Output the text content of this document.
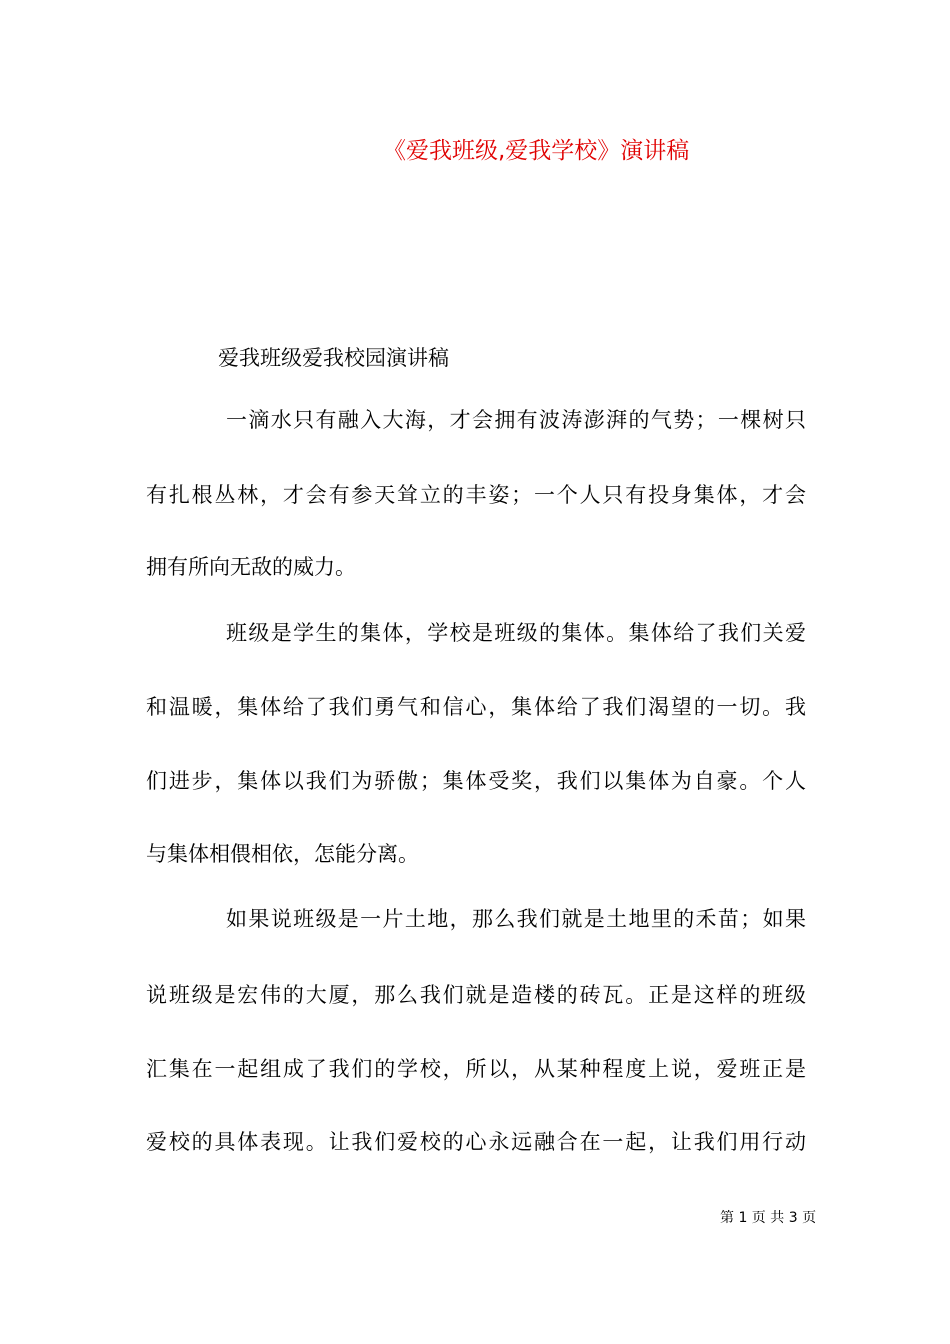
《爱我班级,爱我学校》演讲稿
爱我班级爱我校园演讲稿
一滴水只有融入大海，才会拥有波涛澎湃的气势；一棵树只
有扎根丛林，才会有参天耸立的丰姿；一个人只有投身集体，才会
拥有所向无敌的威力。
班级是学生的集体，学校是班级的集体。集体给了我们关爱
和温暖，集体给了我们勇气和信心，集体给了我们渴望的一切。我
们进步，集体以我们为骄傲；集体受奖，我们以集体为自豪。个人
与集体相偎相依，怎能分离。
如果说班级是一片土地，那么我们就是土地里的禾苗；如果
说班级是宏伟的大厦，那么我们就是造楼的砖瓦。正是这样的班级
汇集在一起组成了我们的学校，所以，从某种程度上说，爱班正是
爱校的具体表现。让我们爱校的心永远融合在一起，让我们用行动
第 1 页 共 3 页
